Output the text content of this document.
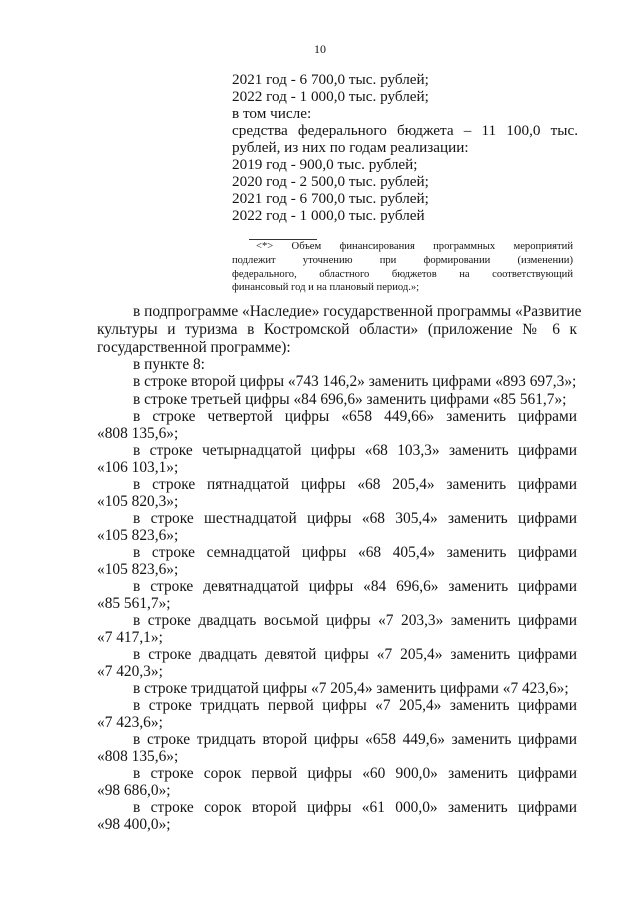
10
2021 год - 6 700,0 тыс. рублей;
2022 год - 1 000,0 тыс. рублей;
в том числе:
средства федерального бюджета – 11 100,0 тыс.
рублей, из них по годам реализации:
2019 год - 900,0 тыс. рублей;
2020 год - 2 500,0 тыс. рублей;
2021 год - 6 700,0 тыс. рублей;
2022 год - 1 000,0 тыс. рублей
<*> Объем финансирования программных мероприятий
подлежит уточнению при формировании (изменении)
федерального, областного бюджетов на соответствующий
финансовый год и на плановый период.»;
в подпрограмме «Наследие» государственной программы «Развитие
культуры и туризма в Костромской области» (приложение № 6 к
государственной программе):
в пункте 8:
в строке второй цифры «743 146,2» заменить цифрами «893 697,3»;
в строке третьей цифры «84 696,6» заменить цифрами «85 561,7»;
в строке четвертой цифры «658 449,66» заменить цифрами
«808 135,6»;
в строке четырнадцатой цифры «68 103,3» заменить цифрами
«106 103,1»;
в строке пятнадцатой цифры «68 205,4» заменить цифрами
«105 820,3»;
в строке шестнадцатой цифры «68 305,4» заменить цифрами
«105 823,6»;
в строке семнадцатой цифры «68 405,4» заменить цифрами
«105 823,6»;
в строке девятнадцатой цифры «84 696,6» заменить цифрами
«85 561,7»;
в строке двадцать восьмой цифры «7 203,3» заменить цифрами
«7 417,1»;
в строке двадцать девятой цифры «7 205,4» заменить цифрами
«7 420,3»;
в строке тридцатой цифры «7 205,4» заменить цифрами «7 423,6»;
в строке тридцать первой цифры «7 205,4» заменить цифрами
«7 423,6»;
в строке тридцать второй цифры «658 449,6» заменить цифрами
«808 135,6»;
в строке сорок первой цифры «60 900,0» заменить цифрами
«98 686,0»;
в строке сорок второй цифры «61 000,0» заменить цифрами
«98 400,0»;
